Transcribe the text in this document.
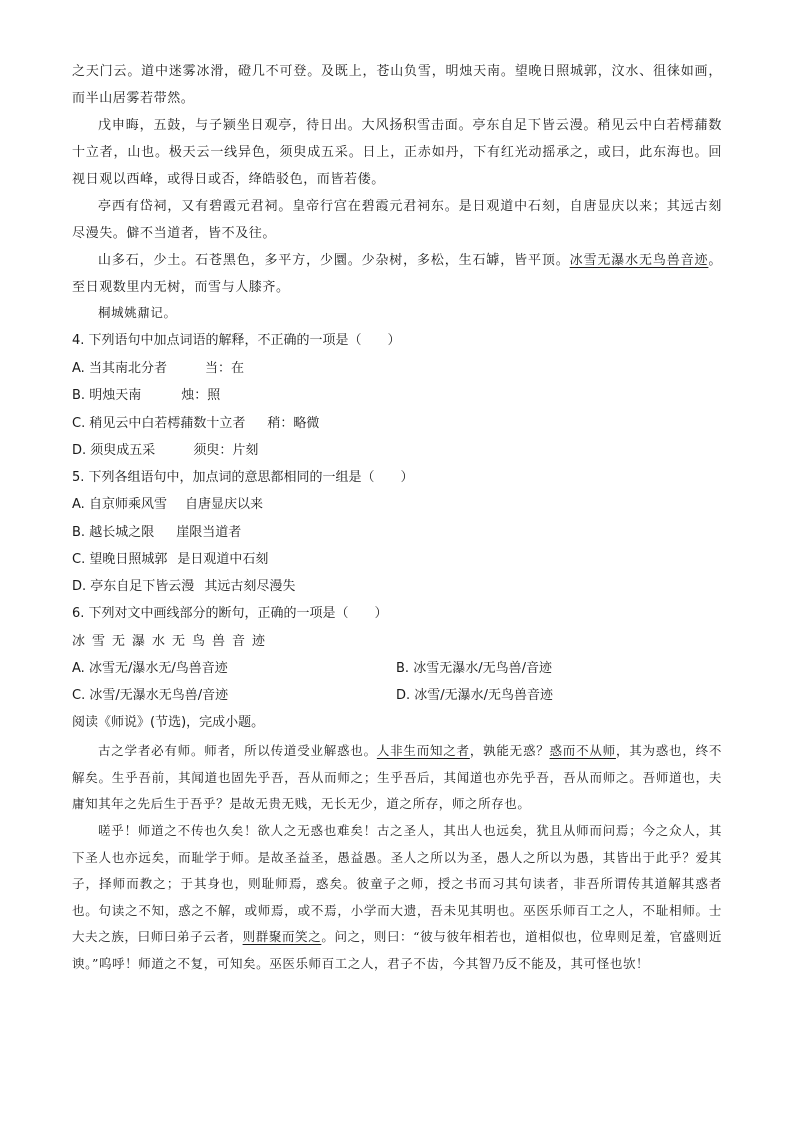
之天门云。道中迷雾冰滑，磴几不可登。及既上，苍山负雪，明烛天南。望晚日照城郭，汶水、徂徕如画，而半山居雾若带然。

戊申晦，五鼓，与子颍坐日观亭，待日出。大风扬积雪击面。亭东自足下皆云漫。稍见云中白若樗蒱数十立者，山也。极天云一线异色，须臾成五采。日上，正赤如丹，下有红光动摇承之，或曰，此东海也。回视日观以西峰，或得日或否，绛皓驳色，而皆若偻。

亭西有岱祠，又有碧霞元君祠。皇帝行宫在碧霞元君祠东。是日观道中石刻，自唐显庆以来；其远古刻尽漫失。僻不当道者，皆不及往。

山多石，少土。石苍黑色，多平方，少圜。少杂树，多松，生石罅，皆平顶。冰雪无瀑水无鸟兽音迹。至日观数里内无树，而雪与人膝齐。

桐城姚鼐记。

4. 下列语句中加点词语的解释，不正确的一项是（　　）

A. 当其南北分者	当：在

B. 明烛天南	烛：照

C. 稍见云中白若樗蒱数十立者 稍：略微

D. 须臾成五采	须臾：片刻

5. 下列各组语句中，加点词的意思都相同的一组是（　　）

A. 自京师乘风雪 自唐显庆以来

B. 越长城之限 崖限当道者

C. 望晚日照城郭 是日观道中石刻

D. 亭东自足下皆云漫 其远古刻尽漫失

6. 下列对文中画线部分的断句，正确的一项是（　　）

冰雪无瀑水无鸟兽音迹

A. 冰雪无/瀑水无/鸟兽音迹	B. 冰雪无瀑水/无鸟兽/音迹

C. 冰雪/无瀑水无鸟兽/音迹	D. 冰雪/无瀑水/无鸟兽音迹

阅读《师说》(节选)，完成小题。

古之学者必有师。师者，所以传道受业解惑也。人非生而知之者，孰能无惑？惑而不从师，其为惑也，终不解矣。生乎吾前，其闻道也固先乎吾，吾从而师之；生乎吾后，其闻道也亦先乎吾，吾从而师之。吾师道也，夫庸知其年之先后生于吾乎？是故无贵无贱，无长无少，道之所存，师之所存也。

嗟乎！师道之不传也久矣！欲人之无惑也难矣！古之圣人，其出人也远矣，犹且从师而问焉；今之众人，其下圣人也亦远矣，而耻学于师。是故圣益圣，愚益愚。圣人之所以为圣，愚人之所以为愚，其皆出于此乎？爱其子，择师而教之；于其身也，则耻师焉，惑矣。彼童子之师，授之书而习其句读者，非吾所谓传其道解其惑者也。句读之不知，惑之不解，或师焉，或不焉，小学而大遗，吾未见其明也。巫医乐师百工之人，不耻相师。士大夫之族，曰师曰弟子云者，则群聚而笑之。问之，则曰：“彼与彼年相若也，道相似也，位卑则足羞，官盛则近谀。”呜呼！师道之不复，可知矣。巫医乐师百工之人，君子不齿，今其智乃反不能及，其可怪也欤！
